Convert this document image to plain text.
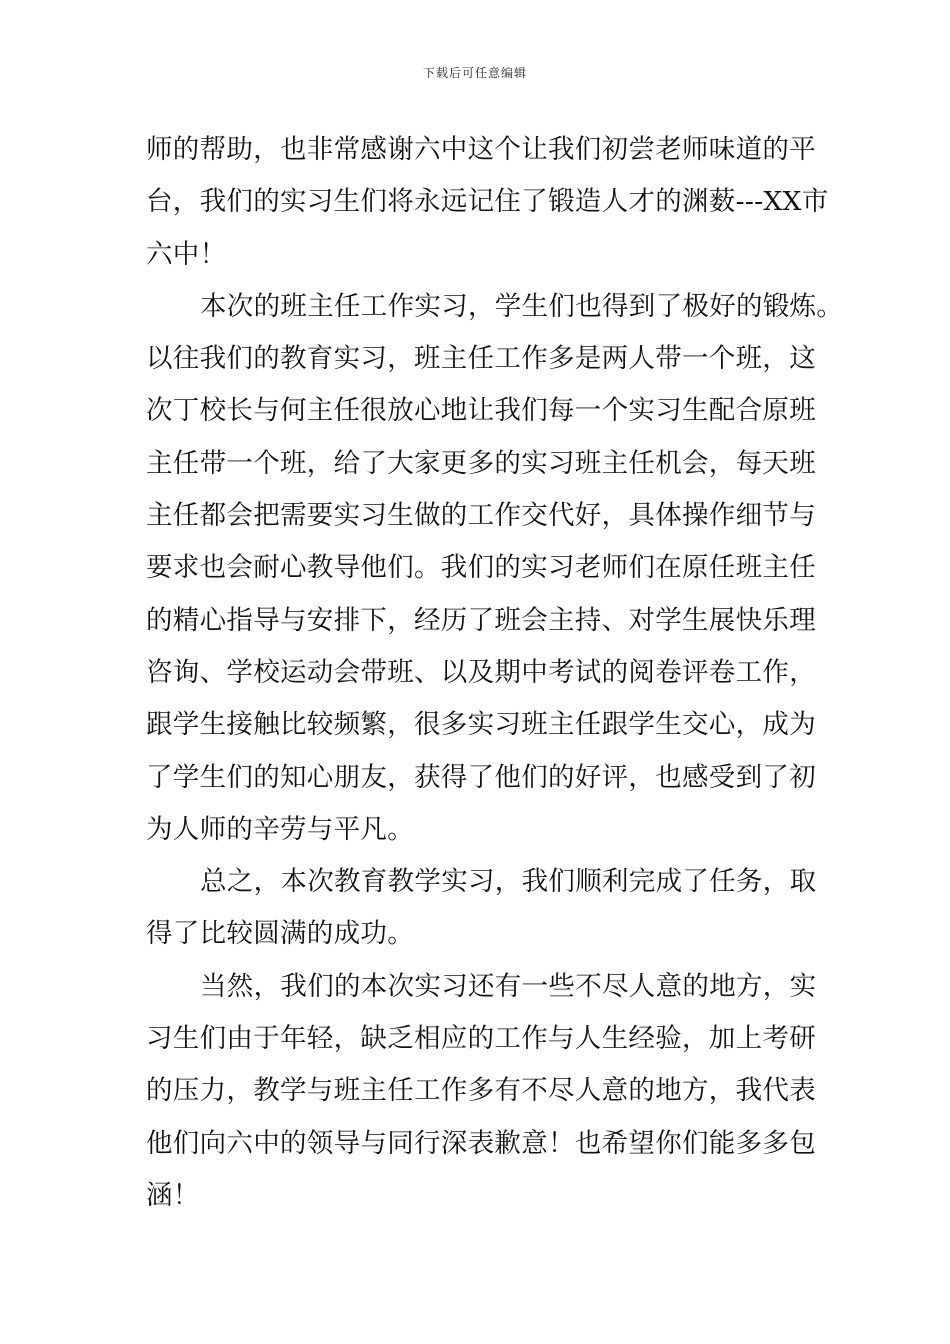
下载后可任意编辑
师的帮助，也非常感谢六中这个让我们初尝老师味道的平
台，我们的实习生们将永远记住了锻造人才的渊薮---XX市
六中！
本次的班主任工作实习，学生们也得到了极好的锻炼。
以往我们的教育实习，班主任工作多是两人带一个班，这
次丁校长与何主任很放心地让我们每一个实习生配合原班
主任带一个班，给了大家更多的实习班主任机会，每天班
主任都会把需要实习生做的工作交代好，具体操作细节与
要求也会耐心教导他们。我们的实习老师们在原任班主任
的精心指导与安排下，经历了班会主持、对学生展快乐理
咨询、学校运动会带班、以及期中考试的阅卷评卷工作，
跟学生接触比较频繁，很多实习班主任跟学生交心，成为
了学生们的知心朋友，获得了他们的好评，也感受到了初
为人师的辛劳与平凡。
总之，本次教育教学实习，我们顺利完成了任务，取
得了比较圆满的成功。
当然，我们的本次实习还有一些不尽人意的地方，实
习生们由于年轻，缺乏相应的工作与人生经验，加上考研
的压力，教学与班主任工作多有不尽人意的地方，我代表
他们向六中的领导与同行深表歉意！也希望你们能多多包
涵！
